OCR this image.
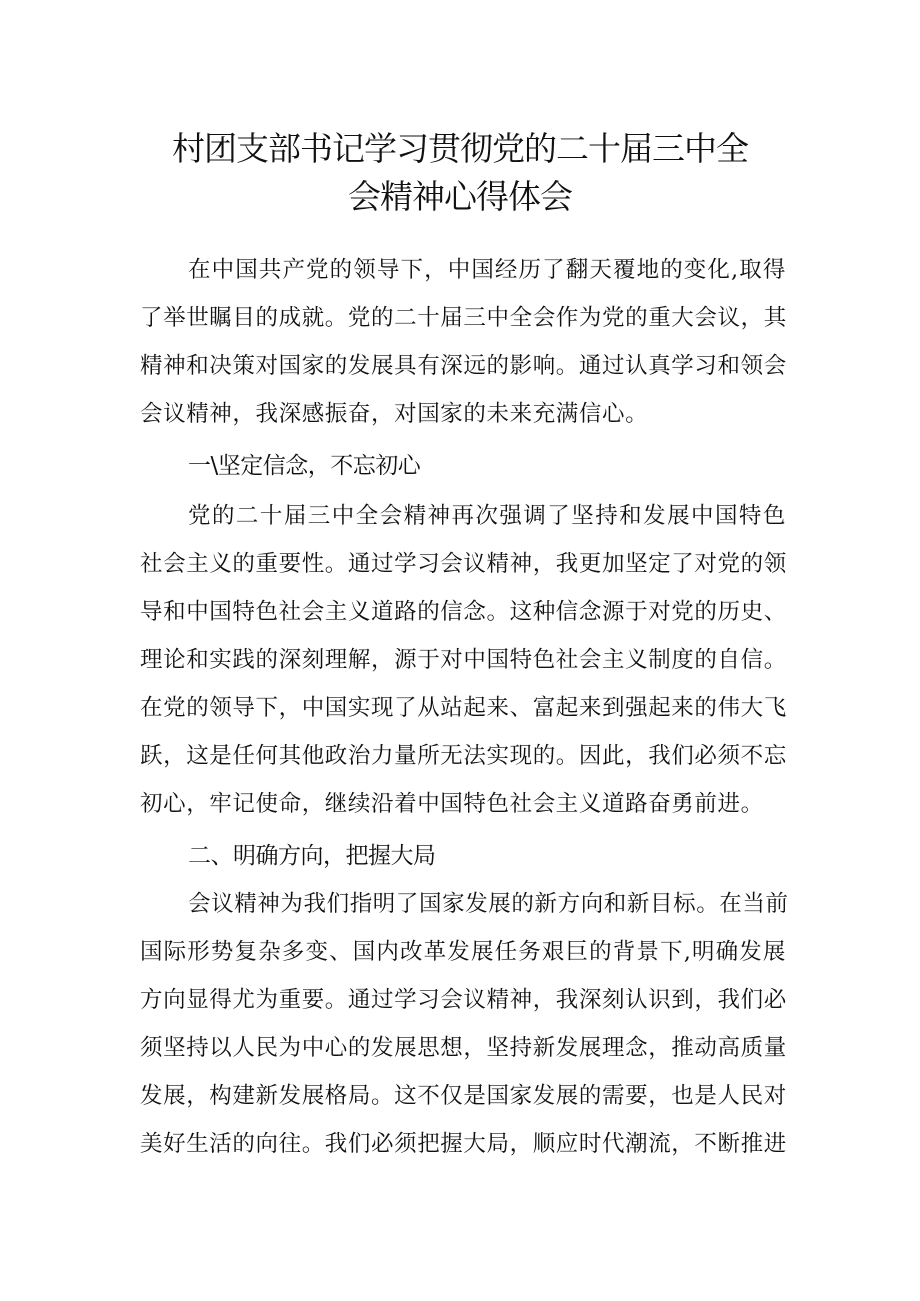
村团支部书记学习贯彻党的二十届三中全
会精神心得体会
在中国共产党的领导下，中国经历了翻天覆地的变化,取得
了举世瞩目的成就。党的二十届三中全会作为党的重大会议，其
精神和决策对国家的发展具有深远的影响。通过认真学习和领会
会议精神，我深感振奋，对国家的未来充满信心。
一\坚定信念，不忘初心
党的二十届三中全会精神再次强调了坚持和发展中国特色
社会主义的重要性。通过学习会议精神，我更加坚定了对党的领
导和中国特色社会主义道路的信念。这种信念源于对党的历史、
理论和实践的深刻理解，源于对中国特色社会主义制度的自信。
在党的领导下，中国实现了从站起来、富起来到强起来的伟大飞
跃，这是任何其他政治力量所无法实现的。因此，我们必须不忘
初心，牢记使命，继续沿着中国特色社会主义道路奋勇前进。
二、明确方向，把握大局
会议精神为我们指明了国家发展的新方向和新目标。在当前
国际形势复杂多变、国内改革发展任务艰巨的背景下,明确发展
方向显得尤为重要。通过学习会议精神，我深刻认识到，我们必
须坚持以人民为中心的发展思想，坚持新发展理念，推动高质量
发展，构建新发展格局。这不仅是国家发展的需要，也是人民对
美好生活的向往。我们必须把握大局，顺应时代潮流，不断推进
